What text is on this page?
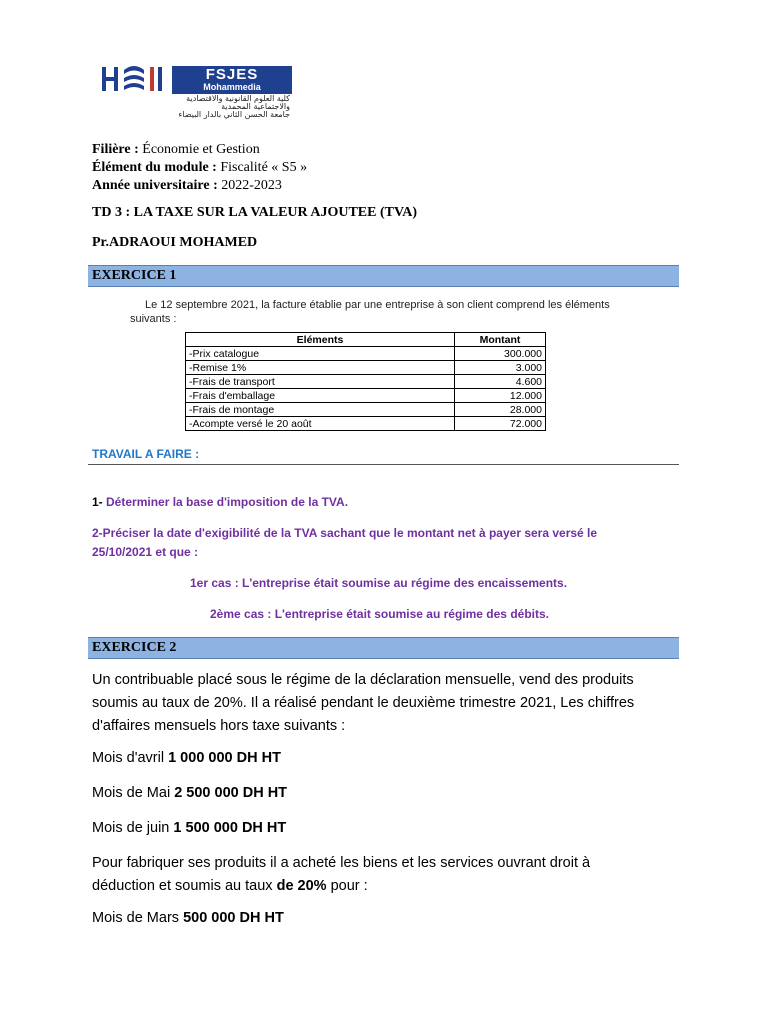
FSJES
Mohammedia
كلية العلوم القانونية والاقتصادية
والاجتماعية المحمدية
جامعة الحسن الثاني بالدار البيضاء
Filière : Économie et Gestion
Élément du module : Fiscalité « S5 »
Année universitaire : 2022-2023
TD 3 : LA TAXE SUR LA VALEUR AJOUTEE (TVA)
Pr.ADRAOUI MOHAMED
EXERCICE 1
Le 12 septembre 2021, la facture établie par une entreprise à son client comprend les éléments
suivants :
Eléments	Montant
-Prix catalogue	300.000
-Remise 1%	3.000
-Frais de transport	4.600
-Frais d'emballage	12.000
-Frais de montage	28.000
-Acompte versé le 20 août	72.000
TRAVAIL A FAIRE :
1- Déterminer la base d'imposition de la TVA.
2-Préciser la date d'exigibilité de la TVA sachant que le montant net à payer sera versé le
25/10/2021 et que :
1er cas : L'entreprise était soumise au régime des encaissements.
2ème cas : L'entreprise était soumise au régime des débits.
EXERCICE 2
Un contribuable placé sous le régime de la déclaration mensuelle, vend des produits
soumis au taux de 20%. Il a réalisé pendant le deuxième trimestre 2021, Les chiffres
d'affaires mensuels hors taxe suivants :
Mois d'avril 1 000 000 DH HT
Mois de Mai 2 500 000 DH HT
Mois de juin 1 500 000 DH HT
Pour fabriquer ses produits il a acheté les biens et les services ouvrant droit à
déduction et soumis au taux de 20% pour :
Mois de Mars 500 000 DH HT
